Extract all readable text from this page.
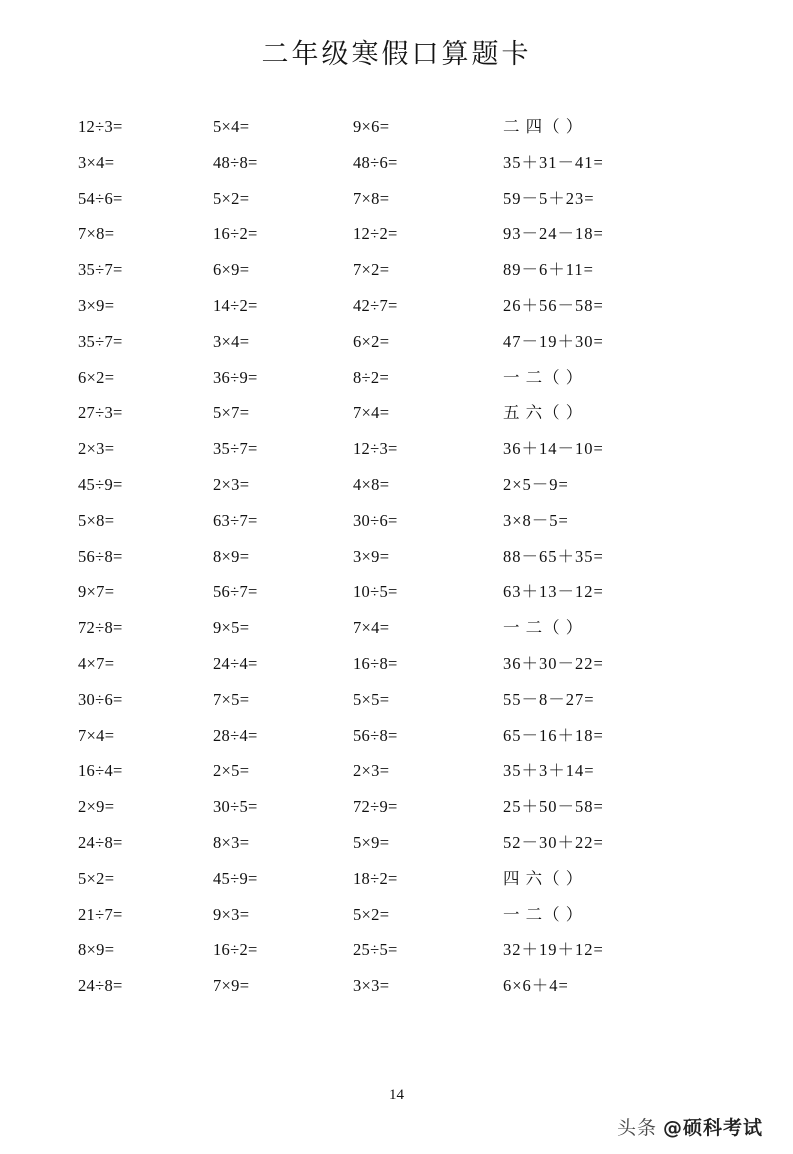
二年级寒假口算题卡
12÷3=	5×4=	9×6=	二 四（ ）
3×4=	48÷8=	48÷6=	35＋31－41=
54÷6=	5×2=	7×8=	59－5＋23=
7×8=	16÷2=	12÷2=	93－24－18=
35÷7=	6×9=	7×2=	89－6＋11=
3×9=	14÷2=	42÷7=	26＋56－58=
35÷7=	3×4=	6×2=	47－19＋30=
6×2=	36÷9=	8÷2=	一 二（ ）
27÷3=	5×7=	7×4=	五 六（ ）
2×3=	35÷7=	12÷3=	36＋14－10=
45÷9=	2×3=	4×8=	2×5－9=
5×8=	63÷7=	30÷6=	3×8－5=
56÷8=	8×9=	3×9=	88－65＋35=
9×7=	56÷7=	10÷5=	63＋13－12=
72÷8=	9×5=	7×4=	一 二（ ）
4×7=	24÷4=	16÷8=	36＋30－22=
30÷6=	7×5=	5×5=	55－8－27=
7×4=	28÷4=	56÷8=	65－16＋18=
16÷4=	2×5=	2×3=	35＋3＋14=
2×9=	30÷5=	72÷9=	25＋50－58=
24÷8=	8×3=	5×9=	52－30＋22=
5×2=	45÷9=	18÷2=	四 六（ ）
21÷7=	9×3=	5×2=	一 二（ ）
8×9=	16÷2=	25÷5=	32＋19＋12=
24÷8=	7×9=	3×3=	6×6＋4=
14
头条 @硕科考试
